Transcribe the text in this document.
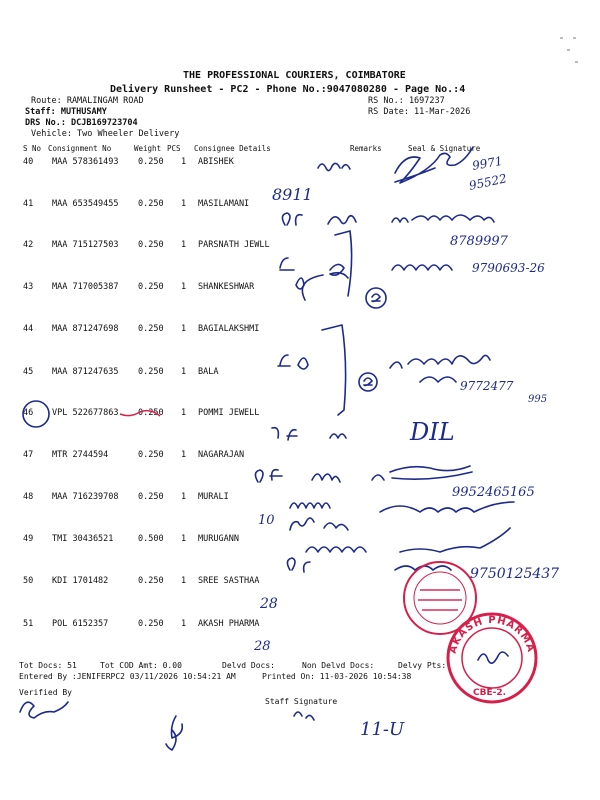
THE PROFESSIONAL COURIERS, COIMBATORE
Delivery Runsheet - PC2 - Phone No.:9047080280 - Page No.:4
Route: RAMALINGAM ROAD
Staff: MUTHUSAMY
DRS No.: DCJB169723704
Vehicle: Two Wheeler Delivery
RS No.: 1697237
RS Date: 11-Mar-2026
S No Consignment No	Weight PCS Consignee Details	Remarks	Seal & Signature
40 MAA 578361493 0.250 1 ABISHEK
41 MAA 653549455 0.250 1 MASILAMANI
42 MAA 715127503 0.250 1 PARSNATH JEWLL
43 MAA 717005387 0.250 1 SHANKESHWAR
44 MAA 871247698 0.250 1 BAGIALAKSHMI
45 MAA 871247635 0.250 1 BALA
46 VPL 522677863 0.250 1 POMMI JEWELL
47 MTR 2744594	0.250 1 NAGARAJAN
48 MAA 716239708 0.250 1 MURALI
49 TMI 30436521	0.500 1 MURUGANN
50 KDI 1701482	0.250 1 SREE SASTHAA
51 POL 6152357	0.250 1 AKASH PHARMA
Tot Docs: 51	Tot COD Amt: 0.00	Delvd Docs:	Non Delvd Docs:	Delvy Pts:
Entered By :JENIFERPC2 03/11/2026 10:54:21 AM	Printed On: 11-03-2026 10:54:38
Verified By
Staff Signature
9971
95522
8911
8789997
9790693-26
9772477
995
DIL
9952465165
10
9750125437
28
28	AKASH PHARMA
CBE-2.
11-U
